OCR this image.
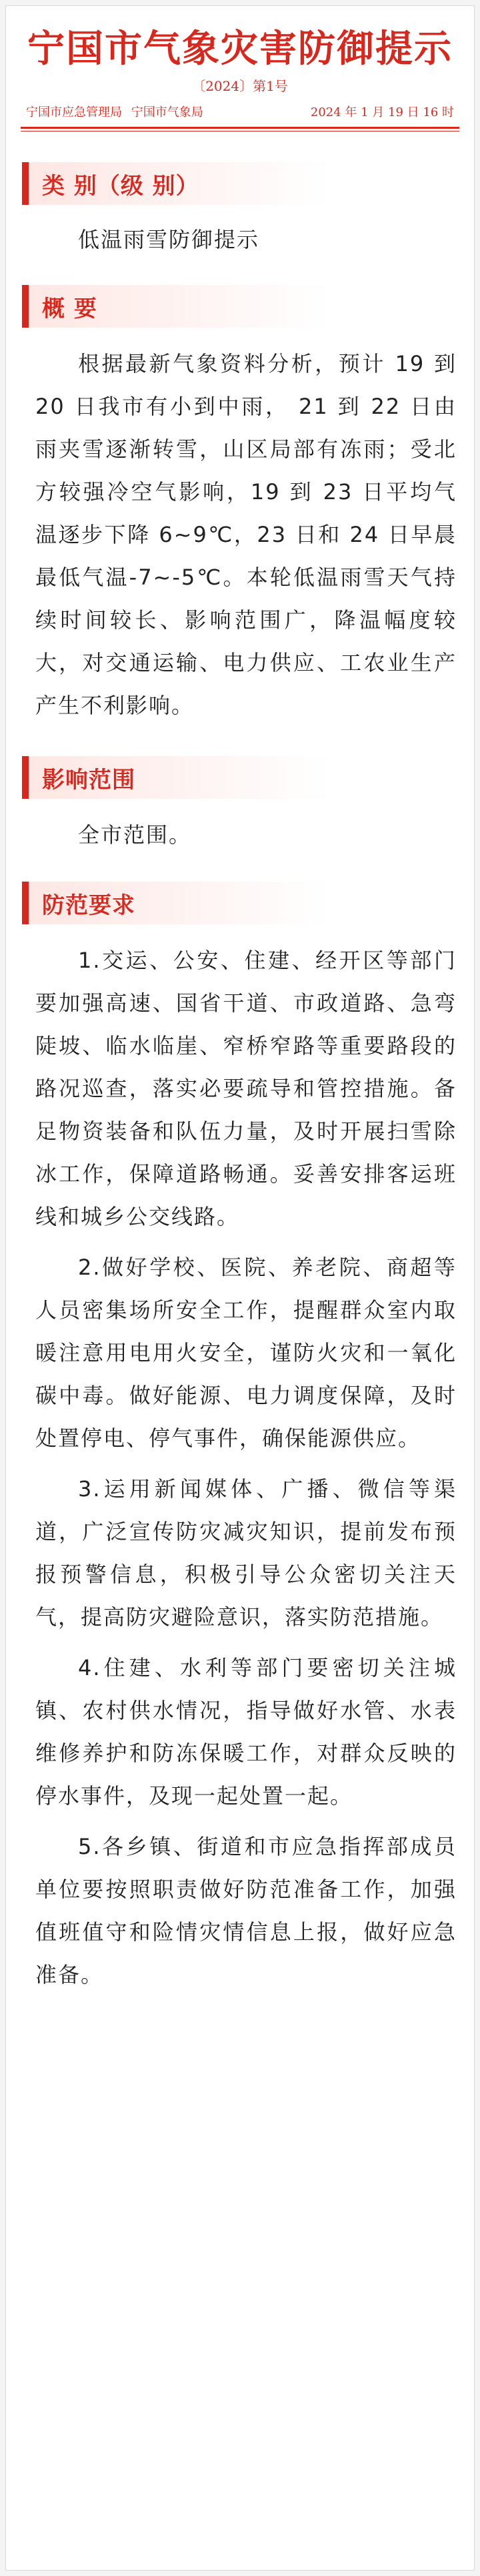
宁国市气象灾害防御提示
〔2024〕第1号
宁国市应急管理局 宁国市气象局	2024 年 1 月 19 日 16 时
类 别（级 别）

低温雨雪防御提示

概 要

根据最新气象资料分析，预计 19 到 20 日我市有小到中雨， 21 到 22 日由雨夹雪逐渐转雪，山区局部有冻雨；受北方较强冷空气影响，19 到 23 日平均气温逐步下降 6~9℃，23 日和 24 日早晨最低气温-7~-5℃。本轮低温雨雪天气持续时间较长、影响范围广，降温幅度较大，对交通运输、电力供应、工农业生产产生不利影响。

影响范围

全市范围。

防范要求

1.交运、公安、住建、经开区等部门要加强高速、国省干道、市政道路、急弯陡坡、临水临崖、窄桥窄路等重要路段的路况巡查，落实必要疏导和管控措施。备足物资装备和队伍力量，及时开展扫雪除冰工作，保障道路畅通。妥善安排客运班线和城乡公交线路。

2.做好学校、医院、养老院、商超等人员密集场所安全工作，提醒群众室内取暖注意用电用火安全，谨防火灾和一氧化碳中毒。做好能源、电力调度保障，及时处置停电、停气事件，确保能源供应。

3.运用新闻媒体、广播、微信等渠道，广泛宣传防灾减灾知识，提前发布预报预警信息，积极引导公众密切关注天气，提高防灾避险意识，落实防范措施。

4.住建、水利等部门要密切关注城镇、农村供水情况，指导做好水管、水表维修养护和防冻保暖工作，对群众反映的停水事件，及现一起处置一起。

5.各乡镇、街道和市应急指挥部成员单位要按照职责做好防范准备工作，加强值班值守和险情灾情信息上报，做好应急准备。
